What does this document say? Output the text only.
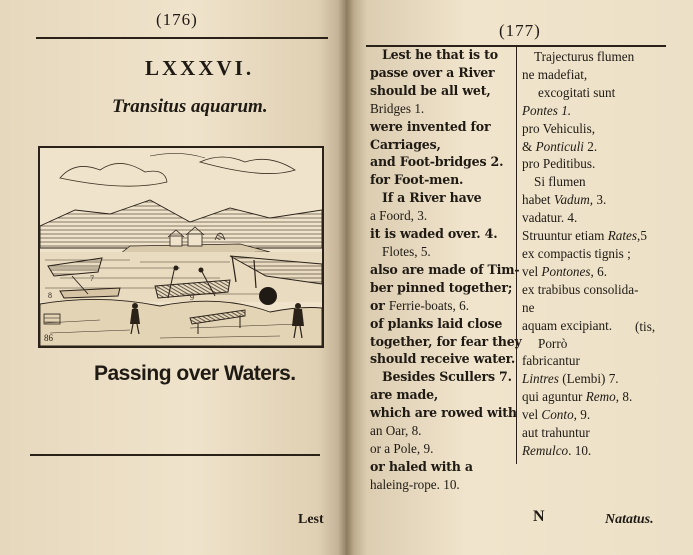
(176)
LXXXVI.
Transitus aquarum.
7
8	9
86
Passing over Waters.
Lest
(177)
Lest he that is to
passe over a River
should be all wet,
Bridges 1.
were invented for
Carriages,
and Foot-bridges 2.
for Foot-men.
If a River have
a Foord, 3.
it is waded over. 4.
Flotes, 5.
also are made of Tim-
ber pinned together;
or Ferrie-boats, 6.
of planks laid close
together, for fear they
should receive water.
Besides Scullers 7.
are made,
which are rowed with
an Oar, 8.
or a Pole, 9.
or haled with a
haleing-rope. 10.
Trajecturus flumen
ne madefiat,
excogitati sunt
Pontes 1.
pro Vehiculis,
& Ponticuli 2.
pro Peditibus.
Si flumen
habet Vadum, 3.
vadatur. 4.
Struuntur etiam Rates,5
ex compactis tignis ;
vel Pontones, 6.
ex trabibus consolida-
ne
aquam excipiant.
Porrò
fabricantur
Lintres (Lembi) 7.
qui aguntur Remo, 8.
vel Conto, 9.
aut trahuntur
Remulco. 10.
(tis,
N	Natatus.
